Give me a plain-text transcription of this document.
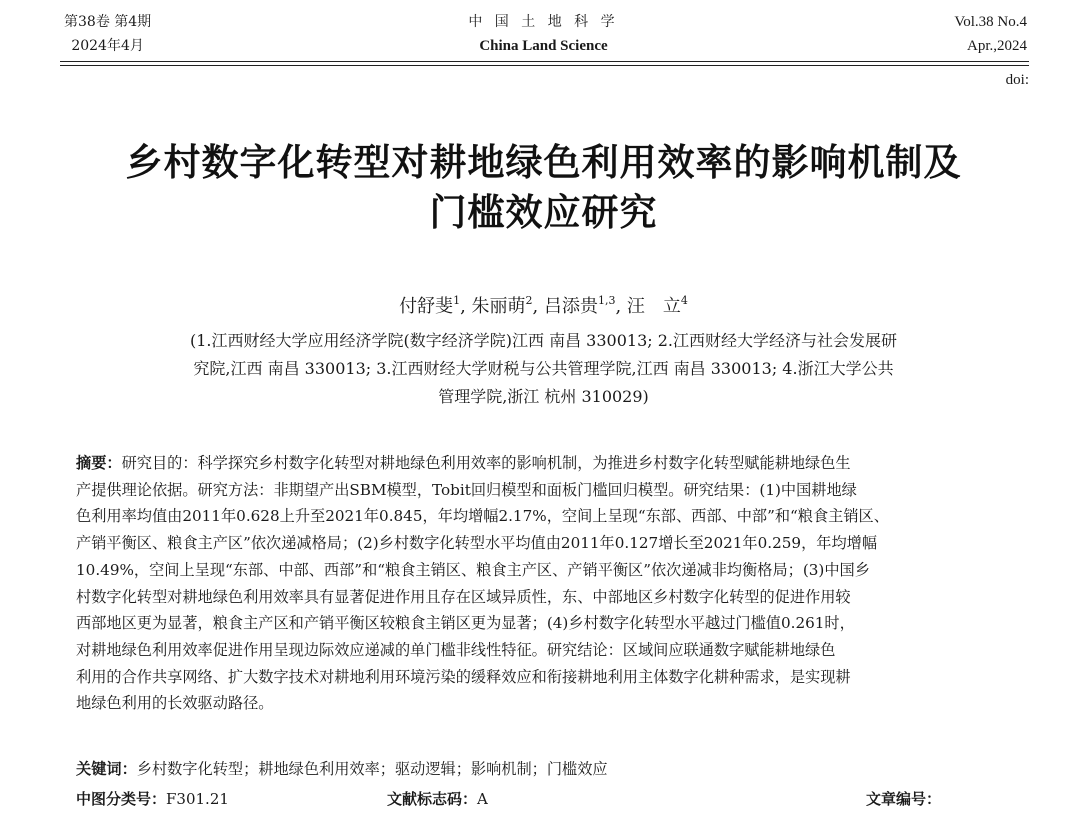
第38卷 第4期
2024年4月
中 国 土 地 科 学
China Land Science
Vol.38 No.4
Apr.,2024
doi:
乡村数字化转型对耕地绿色利用效率的影响机制及
门槛效应研究
付舒斐$^1$, 朱丽萌$^2$, 吕添贵$^{1,3}$, 汪　立$^4$
(1.江西财经大学应用经济学院(数字经济学院)江西 南昌 330013; 2.江西财经大学经济与社会发展研
究院,江西 南昌 330013; 3.江西财经大学财税与公共管理学院,江西 南昌 330013; 4.浙江大学公共
管理学院,浙江 杭州 310029)
摘要：研究目的：科学探究乡村数字化转型对耕地绿色利用效率的影响机制，为推进乡村数字化转型赋能耕地绿色生
产提供理论依据。研究方法：非期望产出SBM模型，Tobit回归模型和面板门槛回归模型。研究结果：(1)中国耕地绿
色利用率均值由2011年0.628上升至2021年0.845，年均增幅2.17%，空间上呈现“东部、西部、中部”和“粮食主销区、
产销平衡区、粮食主产区”依次递减格局；(2)乡村数字化转型水平均值由2011年0.127增长至2021年0.259，年均增幅
10.49%，空间上呈现“东部、中部、西部”和“粮食主销区、粮食主产区、产销平衡区”依次递减非均衡格局；(3)中国乡
村数字化转型对耕地绿色利用效率具有显著促进作用且存在区域异质性，东、中部地区乡村数字化转型的促进作用较
西部地区更为显著，粮食主产区和产销平衡区较粮食主销区更为显著；(4)乡村数字化转型水平越过门槛值0.261时，
对耕地绿色利用效率促进作用呈现边际效应递减的单门槛非线性特征。研究结论：区域间应联通数字赋能耕地绿色
利用的合作共享网络、扩大数字技术对耕地利用环境污染的缓释效应和衔接耕地利用主体数字化耕种需求，是实现耕
地绿色利用的长效驱动路径。
关键词：乡村数字化转型；耕地绿色利用效率；驱动逻辑；影响机制；门槛效应
中图分类号：F301.21	文献标志码：A	文章编号：
